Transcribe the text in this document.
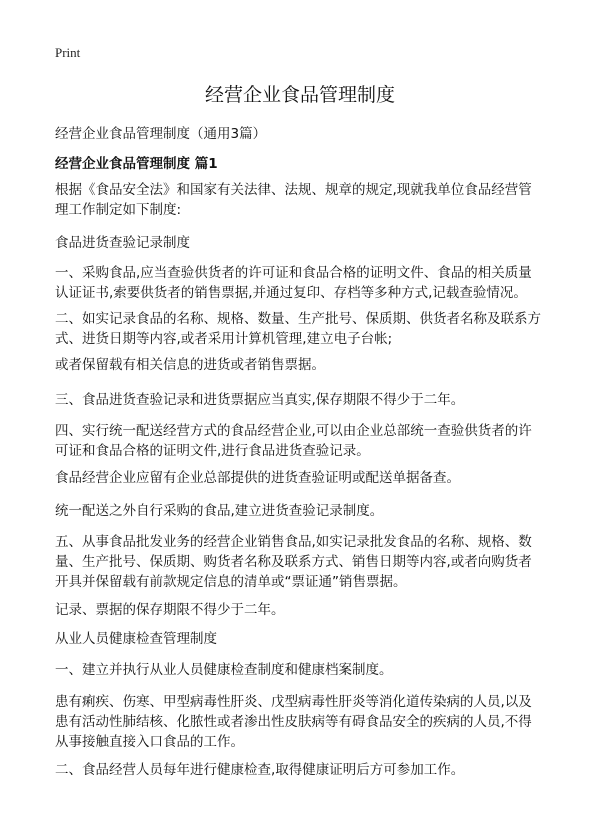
Print
经营企业食品管理制度
经营企业食品管理制度（通用3篇）
经营企业食品管理制度 篇1

根据《食品安全法》和国家有关法律、法规、规章的规定,现就我单位食品经营管
理工作制定如下制度:

食品进货查验记录制度

一、采购食品,应当查验供货者的许可证和食品合格的证明文件、食品的相关质量
认证证书,索要供货者的销售票据,并通过复印、存档等多种方式,记载查验情况。

二、如实记录食品的名称、规格、数量、生产批号、保质期、供货者名称及联系方
式、进货日期等内容,或者采用计算机管理,建立电子台帐;

或者保留载有相关信息的进货或者销售票据。

三、食品进货查验记录和进货票据应当真实,保存期限不得少于二年。

四、实行统一配送经营方式的食品经营企业,可以由企业总部统一查验供货者的许
可证和食品合格的证明文件,进行食品进货查验记录。

食品经营企业应留有企业总部提供的进货查验证明或配送单据备查。

统一配送之外自行采购的食品,建立进货查验记录制度。

五、从事食品批发业务的经营企业销售食品,如实记录批发食品的名称、规格、数
量、生产批号、保质期、购货者名称及联系方式、销售日期等内容,或者向购货者
开具并保留载有前款规定信息的清单或“票证通”销售票据。

记录、票据的保存期限不得少于二年。

从业人员健康检查管理制度

一、建立并执行从业人员健康检查制度和健康档案制度。

患有痢疾、伤寒、甲型病毒性肝炎、戊型病毒性肝炎等消化道传染病的人员,以及
患有活动性肺结核、化脓性或者渗出性皮肤病等有碍食品安全的疾病的人员,不得
从事接触直接入口食品的工作。

二、食品经营人员每年进行健康检查,取得健康证明后方可参加工作。
